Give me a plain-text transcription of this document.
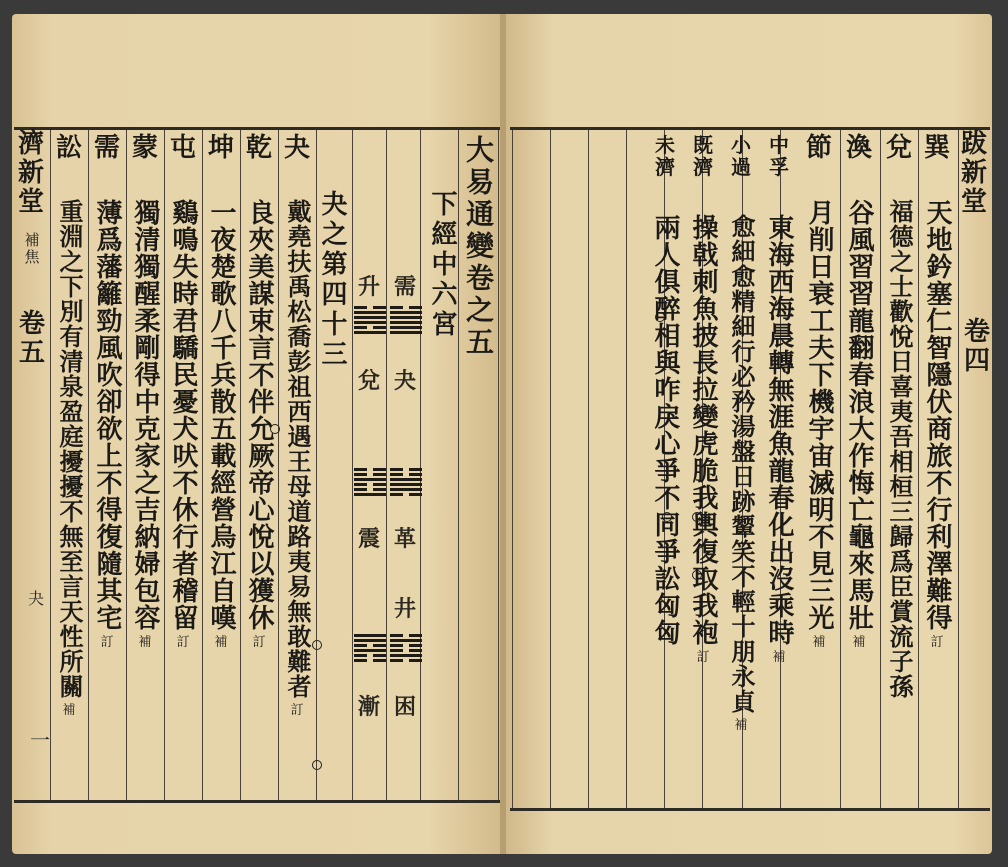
濟
新
堂
補
焦
卷
五
夬
一
夬
戴堯扶禹松喬彭祖西遇王母道路夷易無敢難者
訂
乾
良夾美謀束言不伴允厥帝心悅以獲休
訂
坤
一夜楚歌八千兵散五載經營烏江自嘆
補
屯
鷄鳴失時君驕民憂犬吠不休行者稽留
訂
蒙
獨清獨醒柔剛得中克家之吉納婦包容
補
需
薄爲藩籬勁風吹卻欲上不得復隨其宅
訂
訟
重淵之下別有清泉盈庭擾擾不無至言天性所關
補
大易通變卷之五
下經中六宮
夬之第四十三
夬
革
困
兌
震
漸
需
升
井
跋
新
堂
卷
四
巽
天地鈐塞仁智隱伏商旅不行利澤難得
訂
兌
福德之士歡悅日喜夷吾相桓三歸爲臣賞流子孫
渙
谷風習習龍翻春浪大作悔亡龜來馬壯
補
節
月削日衰工夫下機宇宙滅明不見三光
補
中孚
東海西海晨轉無涯魚龍春化出沒乘時
補
小過
愈細愈精細行必矜湯盤日跡颦笑不輕十朋永貞
補
既濟
操戟刺魚披長拉變虎脆我輿復取我袍
訂
未濟
兩人俱醉相與咋戾心爭不同爭訟匈匈
